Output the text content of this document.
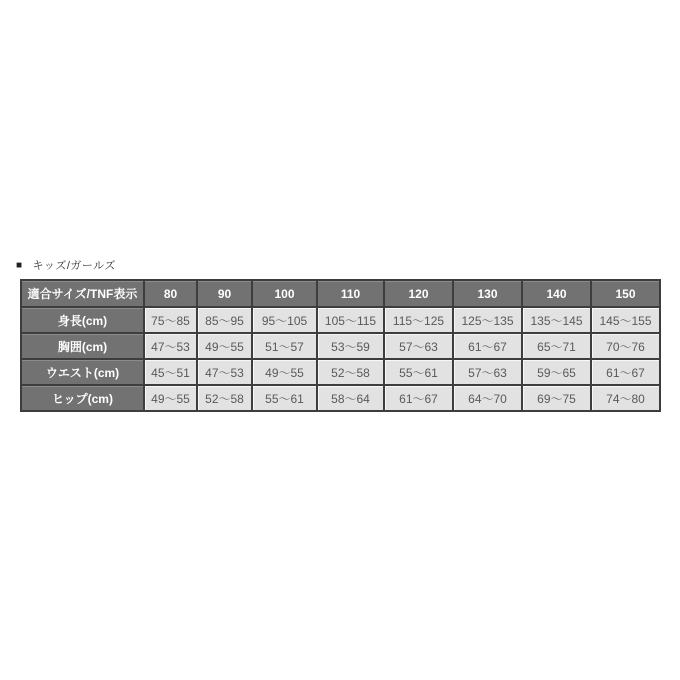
■ キッズ/ガールズ
適合サイズ/TNF表示	80	90	100	110	120	130	140	150
身長(cm)	75～85	85～95	95～105	105～115	115～125	125～135	135～145	145～155
胸囲(cm)	47～53	49～55	51～57	53～59	57～63	61～67	65～71	70～76
ウエスト(cm)	45～51	47～53	49～55	52～58	55～61	57～63	59～65	61～67
ヒップ(cm)	49～55	52～58	55～61	58～64	61～67	64～70	69～75	74～80
